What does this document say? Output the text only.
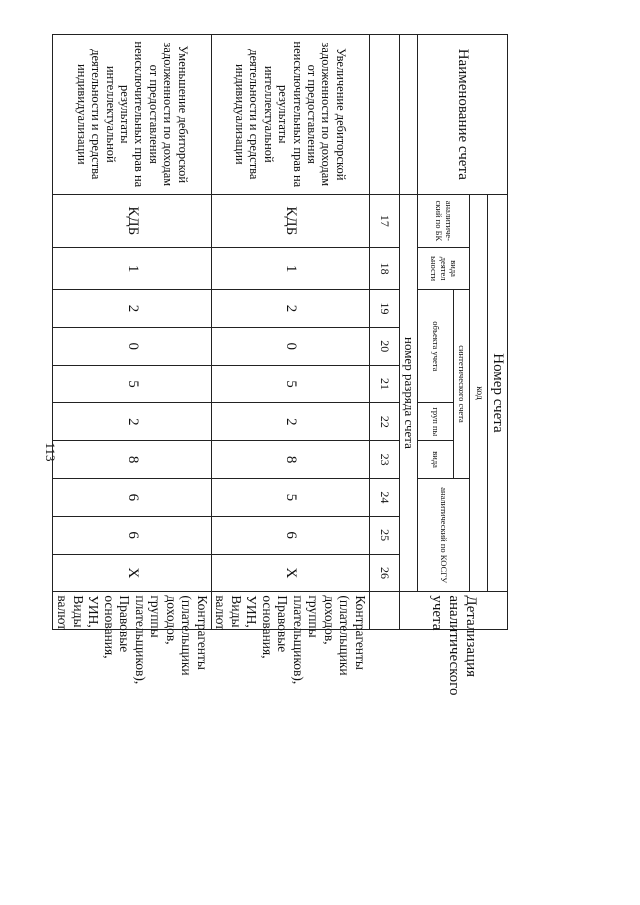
113
Наименование счета	Номер счета										Детализация аналитического учета
	код										
	аналитический по БК	вида деятел ьности	синтетического счета					аналитический по КОСГУ			
			объекта учета			груп пы	вида				
	номер разряда счета										
	17	18	19	20	21	22	23	24	25	26	
Увеличение дебиторской задолженности по доходам от предоставления неисключительных прав на результаты интеллектуальной деятельности и средства индивидуализации	КДБ	1	2	0	5	2	8	5	6	X	Контрагенты (плательщики доходов, группы плательщиков), Правовые основания, УИН, Виды валют
Уменьшение дебиторской задолженности по доходам от предоставления неисключительных прав на результаты интеллектуальной деятельности и средства индивидуализации	КДБ	1	2	0	5	2	8	6	6	X	Контрагенты (плательщики доходов, группы плательщиков), Правовые основания, УИН, Виды валют
